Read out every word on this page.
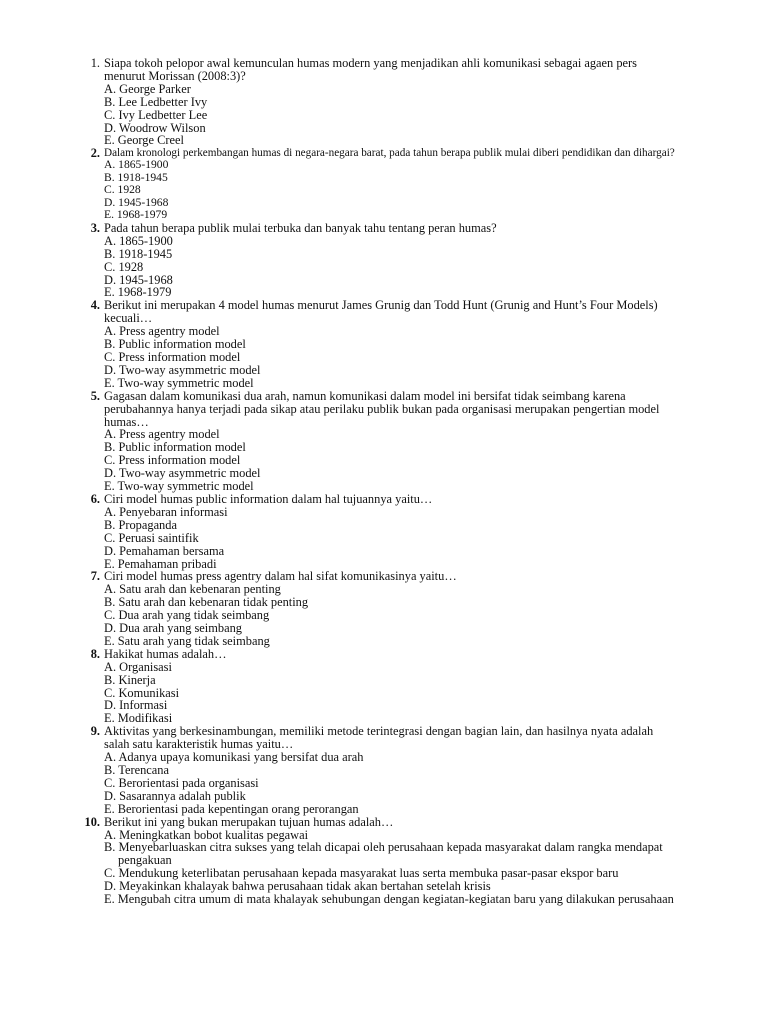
1. Siapa tokoh pelopor awal kemunculan humas modern yang menjadikan ahli komunikasi sebagai agaen pers menurut Morissan (2008:3)?

A. George Parker
B. Lee Ledbetter Ivy
C. Ivy Ledbetter Lee
D. Woodrow Wilson
E. George Creel
2. Dalam kronologi perkembangan humas di negara-negara barat, pada tahun berapa publik mulai diberi pendidikan dan dihargai?

A. 1865-1900
B. 1918-1945
C. 1928
D. 1945-1968
E. 1968-1979
3. Pada tahun berapa publik mulai terbuka dan banyak tahu tentang peran humas?

A. 1865-1900
B. 1918-1945
C. 1928
D. 1945-1968
E. 1968-1979
4. Berikut ini merupakan 4 model humas menurut James Grunig dan Todd Hunt (Grunig and Hunt’s Four Models) kecuali…

A. Press agentry model
B. Public information model
C. Press information model
D. Two-way asymmetric model
E. Two-way symmetric model
5. Gagasan dalam komunikasi dua arah, namun komunikasi dalam model ini bersifat tidak seimbang karena perubahannya hanya terjadi pada sikap atau perilaku publik bukan pada organisasi merupakan pengertian model humas…

A. Press agentry model
B. Public information model
C. Press information model
D. Two-way asymmetric model
E. Two-way symmetric model
6. Ciri model humas public information dalam hal tujuannya yaitu…

A. Penyebaran informasi
B. Propaganda
C. Peruasi saintifik
D. Pemahaman bersama
E. Pemahaman pribadi
7. Ciri model humas press agentry dalam hal sifat komunikasinya yaitu…

A. Satu arah dan kebenaran penting
B. Satu arah dan kebenaran tidak penting
C. Dua arah yang tidak seimbang
D. Dua arah yang seimbang
E. Satu arah yang tidak seimbang
8. Hakikat humas adalah…

A. Organisasi
B. Kinerja
C. Komunikasi
D. Informasi
E. Modifikasi
9. Aktivitas yang berkesinambungan, memiliki metode terintegrasi dengan bagian lain, dan hasilnya nyata adalah salah satu karakteristik humas yaitu…

A. Adanya upaya komunikasi yang bersifat dua arah
B. Terencana
C. Berorientasi pada organisasi
D. Sasarannya adalah publik
E. Berorientasi pada kepentingan orang perorangan
10. Berikut ini yang bukan merupakan tujuan humas adalah…

A. Meningkatkan bobot kualitas pegawai
B. Menyebarluaskan citra sukses yang telah dicapai oleh perusahaan kepada masyarakat dalam rangka mendapat pengakuan
C. Mendukung keterlibatan perusahaan kepada masyarakat luas serta membuka pasar-pasar ekspor baru
D. Meyakinkan khalayak bahwa perusahaan tidak akan bertahan setelah krisis
E. Mengubah citra umum di mata khalayak sehubungan dengan kegiatan-kegiatan baru yang dilakukan perusahaan
